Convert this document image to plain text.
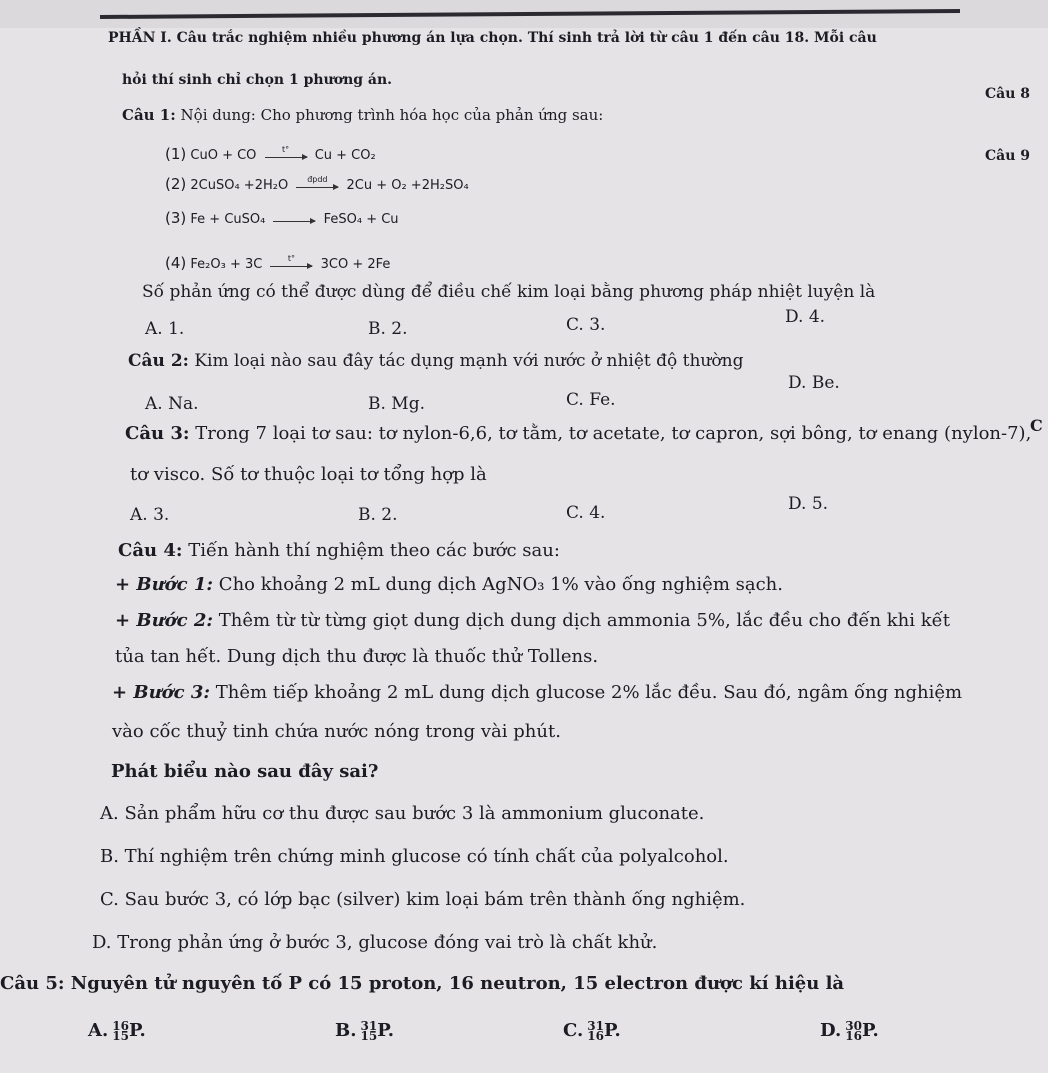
PHẦN I. Câu trắc nghiệm nhiều phương án lựa chọn. Thí sinh trả lời từ câu 1 đến câu 18. Mỗi câu
hỏi thí sinh chỉ chọn 1 phương án.
Câu 8
Câu 9
C
Câu 1: Nội dung: Cho phương trình hóa học của phản ứng sau:
(1) CuO + CO	t°	Cu + CO₂
(2) 2CuSO₄ +2H₂O	đpdd	2Cu + O₂ +2H₂SO₄
(3) Fe + CuSO₄	FeSO₄ + Cu
(4) Fe₂O₃ + 3C	t°	3CO + 2Fe
Số phản ứng có thể được dùng để điều chế kim loại bằng phương pháp nhiệt luyện là
A. 1.	B. 2.	C. 3.	D. 4.
Câu 2: Kim loại nào sau đây tác dụng mạnh với nước ở nhiệt độ thường
A. Na.	B. Mg.	C. Fe.
D. Be.
Câu 3: Trong 7 loại tơ sau: tơ nylon-6,6, tơ tằm, tơ acetate, tơ capron, sợi bông, tơ enang (nylon-7),
tơ visco. Số tơ thuộc loại tơ tổng hợp là
A. 3.	B. 2.	C. 4.	D. 5.
Câu 4: Tiến hành thí nghiệm theo các bước sau:
+ Bước 1: Cho khoảng 2 mL dung dịch AgNO₃ 1% vào ống nghiệm sạch.
+ Bước 2: Thêm từ từ từng giọt dung dịch dung dịch ammonia 5%, lắc đều cho đến khi kết
tủa tan hết. Dung dịch thu được là thuốc thử Tollens.
+ Bước 3: Thêm tiếp khoảng 2 mL dung dịch glucose 2% lắc đều. Sau đó, ngâm ống nghiệm
vào cốc thuỷ tinh chứa nước nóng trong vài phút.
Phát biểu nào sau đây sai?
A. Sản phẩm hữu cơ thu được sau bước 3 là ammonium gluconate.
B. Thí nghiệm trên chứng minh glucose có tính chất của polyalcohol.
C. Sau bước 3, có lớp bạc (silver) kim loại bám trên thành ống nghiệm.
D. Trong phản ứng ở bước 3, glucose đóng vai trò là chất khử.
Câu 5: Nguyên tử nguyên tố P có 15 proton, 16 neutron, 15 electron được kí hiệu là
A. 16
15 P.	B. 31
15 P.	C. 31
16 P.	D. 30
16 P.
